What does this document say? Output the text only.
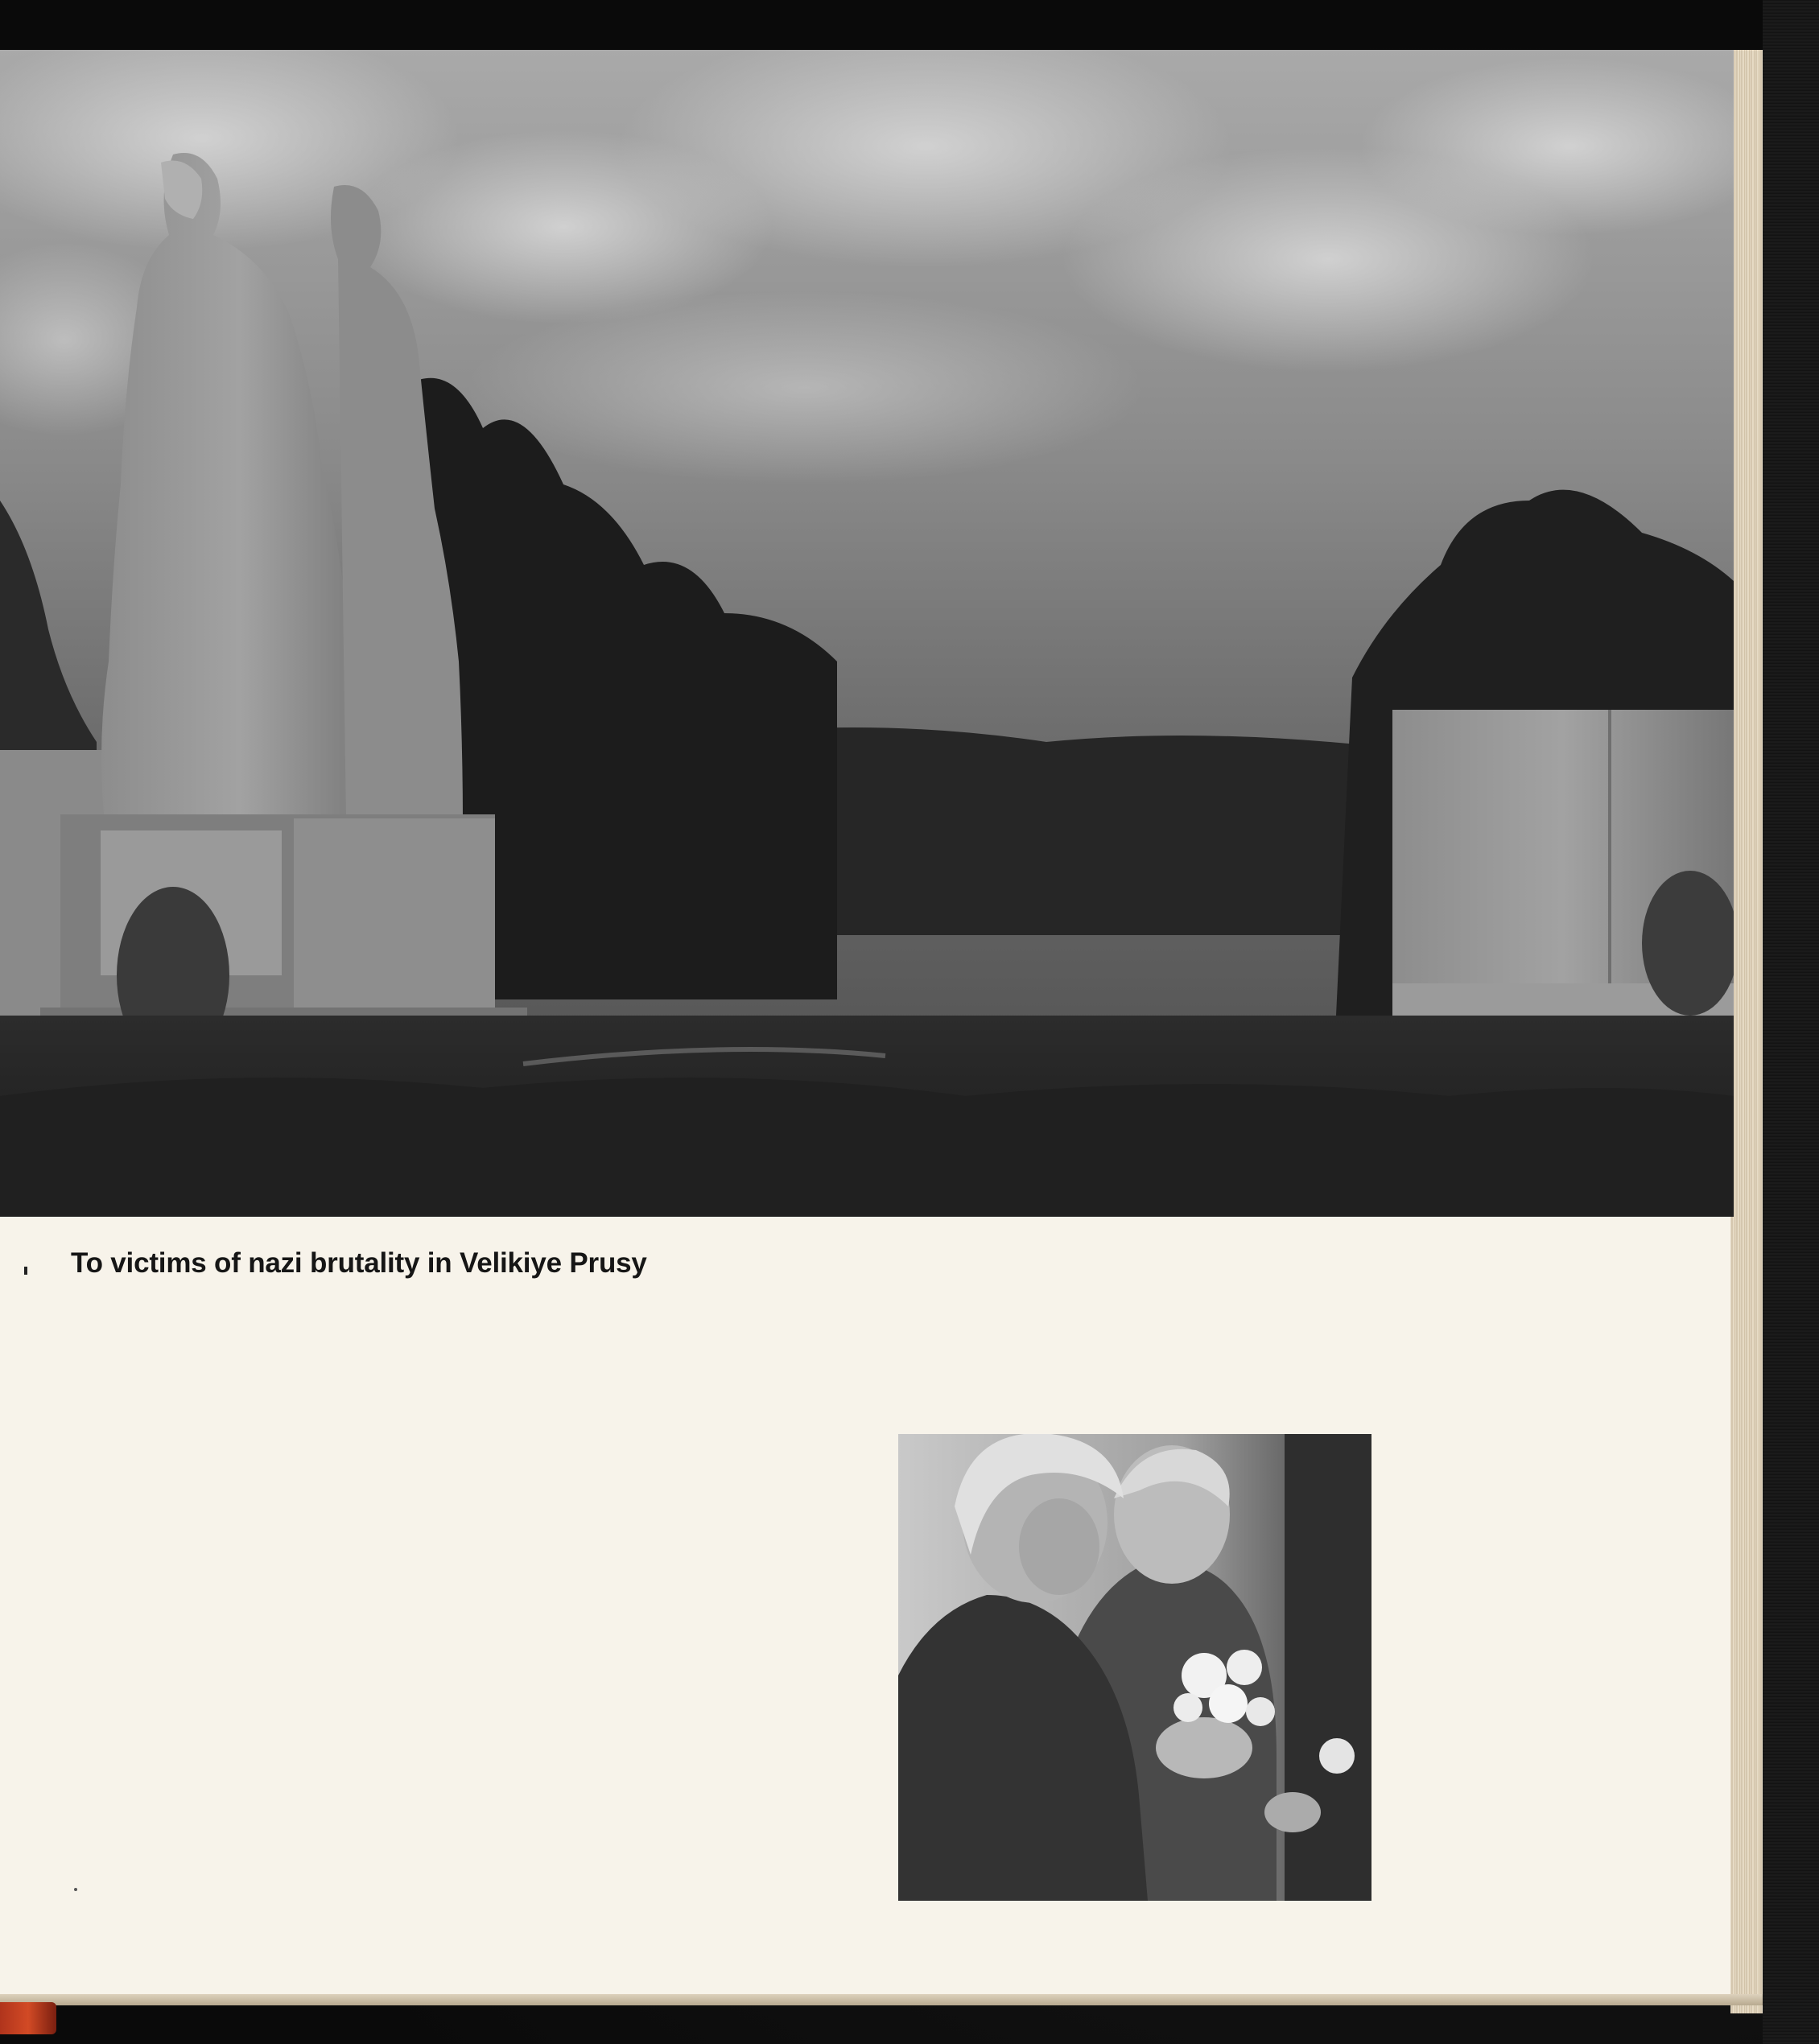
To victims of nazi brutality in Velikiye Prusy
